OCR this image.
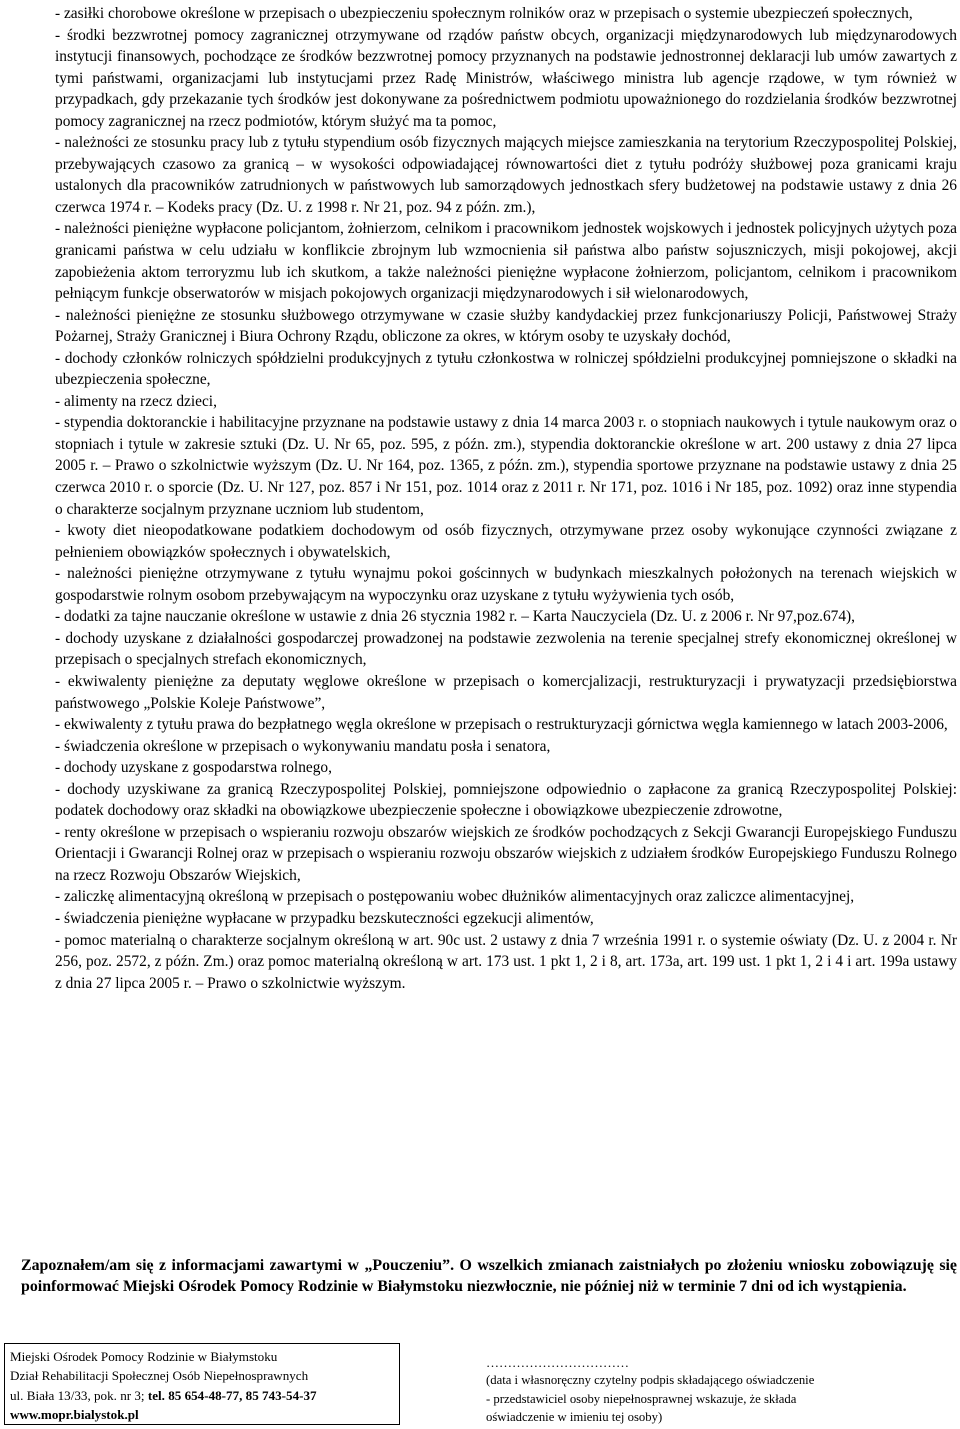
- zasiłki chorobowe określone w przepisach o ubezpieczeniu społecznym rolników oraz w przepisach o systemie ubezpieczeń społecznych,

- środki bezzwrotnej pomocy zagranicznej otrzymywane od rządów państw obcych, organizacji międzynarodowych lub międzynarodowych instytucji finansowych, pochodzące ze środków bezzwrotnej pomocy przyznanych na podstawie jednostronnej deklaracji lub umów zawartych z tymi państwami, organizacjami lub instytucjami przez Radę Ministrów, właściwego ministra lub agencje rządowe, w tym również w przypadkach, gdy przekazanie tych środków jest dokonywane za pośrednictwem podmiotu upoważnionego do rozdzielania środków bezzwrotnej pomocy zagranicznej na rzecz podmiotów, którym służyć ma ta pomoc,

- należności ze stosunku pracy lub z tytułu stypendium osób fizycznych mających miejsce zamieszkania na terytorium Rzeczypospolitej Polskiej, przebywających czasowo za granicą – w wysokości odpowiadającej równowartości diet z tytułu podróży służbowej poza granicami kraju ustalonych dla pracowników zatrudnionych w państwowych lub samorządowych jednostkach sfery budżetowej na podstawie ustawy z dnia 26 czerwca 1974 r. – Kodeks pracy (Dz. U. z 1998 r. Nr 21, poz. 94 z późn. zm.),

- należności pieniężne wypłacone policjantom, żołnierzom, celnikom i pracownikom jednostek wojskowych i jednostek policyjnych użytych poza granicami państwa w celu udziału w konflikcie zbrojnym lub wzmocnienia sił państwa albo państw sojuszniczych, misji pokojowej, akcji zapobieżenia aktom terroryzmu lub ich skutkom, a także należności pieniężne wypłacone żołnierzom, policjantom, celnikom i pracownikom pełniącym funkcje obserwatorów w misjach pokojowych organizacji międzynarodowych i sił wielonarodowych,

- należności pieniężne ze stosunku służbowego otrzymywane w czasie służby kandydackiej przez funkcjonariuszy Policji, Państwowej Straży Pożarnej, Straży Granicznej i Biura Ochrony Rządu, obliczone za okres, w którym osoby te uzyskały dochód,

- dochody członków rolniczych spółdzielni produkcyjnych z tytułu członkostwa w rolniczej spółdzielni produkcyjnej pomniejszone o składki na ubezpieczenia społeczne,

- alimenty na rzecz dzieci,

- stypendia doktoranckie i habilitacyjne przyznane na podstawie ustawy z dnia 14 marca 2003 r. o stopniach naukowych i tytule naukowym oraz o stopniach i tytule w zakresie sztuki (Dz. U. Nr 65, poz. 595, z późn. zm.), stypendia doktoranckie określone w art. 200 ustawy z dnia 27 lipca 2005 r. – Prawo o szkolnictwie wyższym (Dz. U. Nr 164, poz. 1365, z późn. zm.), stypendia sportowe przyznane na podstawie ustawy z dnia 25 czerwca 2010 r. o sporcie (Dz. U. Nr 127, poz. 857 i Nr 151, poz. 1014 oraz z 2011 r. Nr 171, poz. 1016 i Nr 185, poz. 1092) oraz inne stypendia o charakterze socjalnym przyznane uczniom lub studentom,

- kwoty diet nieopodatkowane podatkiem dochodowym od osób fizycznych, otrzymywane przez osoby wykonujące czynności związane z pełnieniem obowiązków społecznych i obywatelskich,

- należności pieniężne otrzymywane z tytułu wynajmu pokoi gościnnych w budynkach mieszkalnych położonych na terenach wiejskich w gospodarstwie rolnym osobom przebywającym na wypoczynku oraz uzyskane z tytułu wyżywienia tych osób,

- dodatki za tajne nauczanie określone w ustawie z dnia 26 stycznia 1982 r. – Karta Nauczyciela (Dz. U. z 2006 r. Nr 97,poz.674),

- dochody uzyskane z działalności gospodarczej prowadzonej na podstawie zezwolenia na terenie specjalnej strefy ekonomicznej określonej w przepisach o specjalnych strefach ekonomicznych,

- ekwiwalenty pieniężne za deputaty węglowe określone w przepisach o komercjalizacji, restrukturyzacji i prywatyzacji przedsiębiorstwa państwowego „Polskie Koleje Państwowe”,

- ekwiwalenty z tytułu prawa do bezpłatnego węgla określone w przepisach o restrukturyzacji górnictwa węgla kamiennego w latach 2003-2006,

- świadczenia określone w przepisach o wykonywaniu mandatu posła i senatora,

- dochody uzyskane z gospodarstwa rolnego,

- dochody uzyskiwane za granicą Rzeczypospolitej Polskiej, pomniejszone odpowiednio o zapłacone za granicą Rzeczypospolitej Polskiej: podatek dochodowy oraz składki na obowiązkowe ubezpieczenie społeczne i obowiązkowe ubezpieczenie zdrowotne,

- renty określone w przepisach o wspieraniu rozwoju obszarów wiejskich ze środków pochodzących z Sekcji Gwarancji Europejskiego Funduszu Orientacji i Gwarancji Rolnej oraz w przepisach o wspieraniu rozwoju obszarów wiejskich z udziałem środków Europejskiego Funduszu Rolnego na rzecz Rozwoju Obszarów Wiejskich,

- zaliczkę alimentacyjną określoną w przepisach o postępowaniu wobec dłużników alimentacyjnych oraz zaliczce alimentacyjnej,

- świadczenia pieniężne wypłacane w przypadku bezskuteczności egzekucji alimentów,

- pomoc materialną o charakterze socjalnym określoną w art. 90c ust. 2 ustawy z dnia 7 września 1991 r. o systemie oświaty (Dz. U. z 2004 r. Nr 256, poz. 2572, z późn. Zm.) oraz pomoc materialną określoną w art. 173 ust. 1 pkt 1, 2 i 8, art. 173a, art. 199 ust. 1 pkt 1, 2 i 4 i art. 199a ustawy z dnia 27 lipca 2005 r. – Prawo o szkolnictwie wyższym.

Zapoznałem/am się z informacjami zawartymi w „Pouczeniu”. O wszelkich zmianach zaistniałych po złożeniu wniosku zobowiązuję się poinformować Miejski Ośrodek Pomocy Rodzinie w Białymstoku niezwłocznie, nie później niż w terminie 7 dni od ich wystąpienia.

Miejski Ośrodek Pomocy Rodzinie w Białymstoku
Dział Rehabilitacji Społecznej Osób Niepełnosprawnych
ul. Biała 13/33, pok. nr 3; tel. 85 654-48-77, 85 743-54-37
www.mopr.bialystok.pl
……………………………
(data i własnoręczny czytelny podpis składającego oświadczenie
- przedstawiciel osoby niepełnosprawnej wskazuje, że składa
oświadczenie w imieniu tej osoby)
